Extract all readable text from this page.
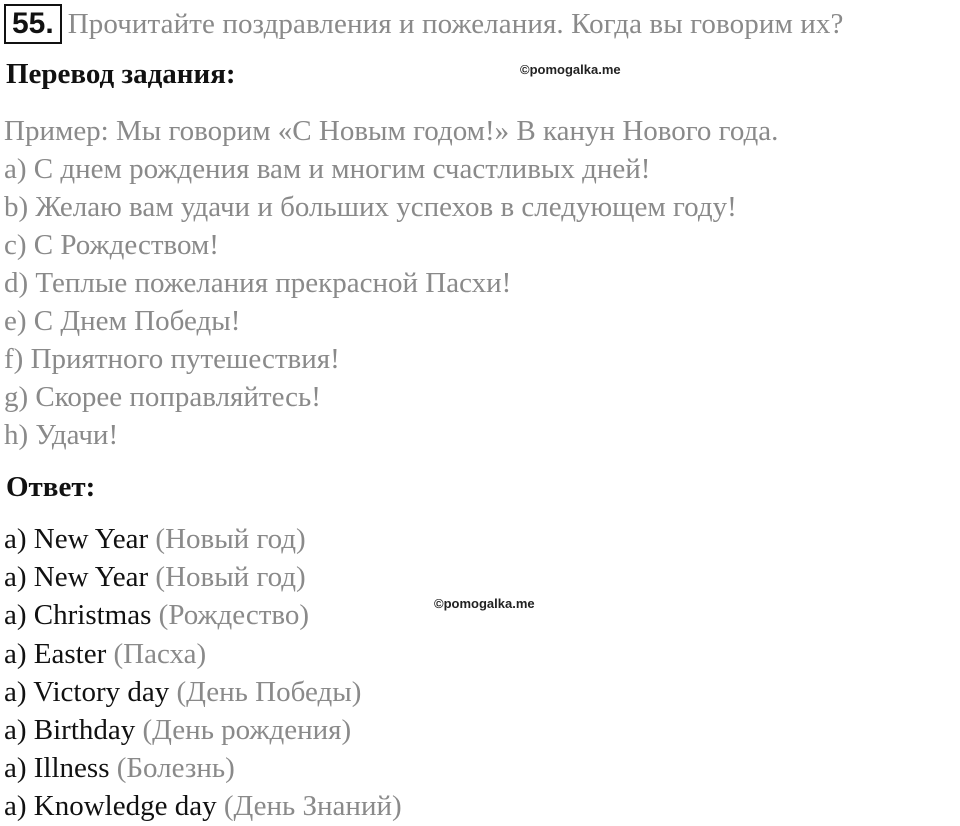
55. Прочитайте поздравления и пожелания. Когда вы говорим их?
Перевод задания:	©pomogalka.me
Пример: Мы говорим «С Новым годом!» В канун Нового года.
a) С днем рождения вам и многим счастливых дней!
b) Желаю вам удачи и больших успехов в следующем году!
c) С Рождеством!
d) Теплые пожелания прекрасной Пасхи!
e) С Днем Победы!
f) Приятного путешествия!
g) Скорее поправляйтесь!
h) Удачи!
Ответ:
©pomogalka.me
a) New Year (Новый год)
a) New Year (Новый год)
a) Christmas (Рождество)
a) Easter (Пасха)
a) Victory day (День Победы)
a) Birthday (День рождения)
a) Illness (Болезнь)
a) Knowledge day (День Знаний)
